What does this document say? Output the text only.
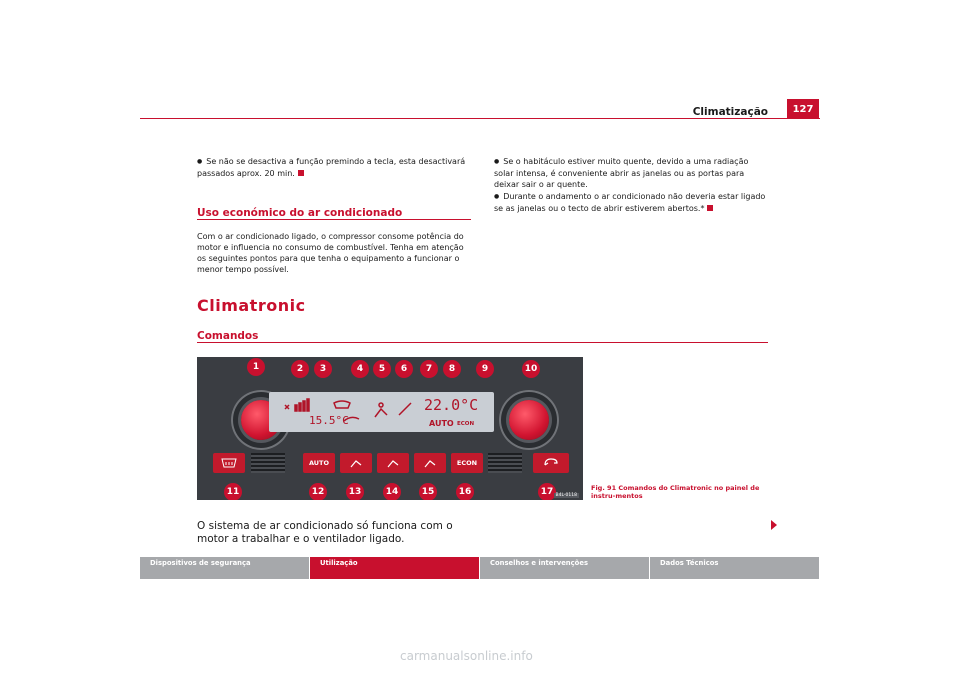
Climatização	127
● Se não se desactiva a função premindo a tecla, esta desactivará passados aprox. 20 min.
Uso económico do ar condicionado
Com o ar condicionado ligado, o compressor consome potência do motor e influencia no consumo de combustível. Tenha em atenção os seguintes pontos para que tenha o equipamento a funcionar o menor tempo possível.
● Se o habitáculo estiver muito quente, devido a uma radiação solar intensa, é conveniente abrir as janelas ou as portas para deixar sair o ar quente.
● Durante o andamento o ar condicionado não deveria estar ligado se as janelas ou o tecto de abrir estiverem abertos.*
Climatronic
Comandos
1	2	3	4	5	6	7	8	9	10
15.5°C
22.0°C
AUTO ECON
AUTO	ECON
11	12	13	14	15	16	17 B4L-0118
Fig. 91 Comandos do Climatronic no painel de instru-mentos
O sistema de ar condicionado só funciona com o motor a trabalhar e o ventilador ligado.
Dispositivos de segurança	Utilização	Conselhos e intervenções	Dados Técnicos
carmanualsonline.info
